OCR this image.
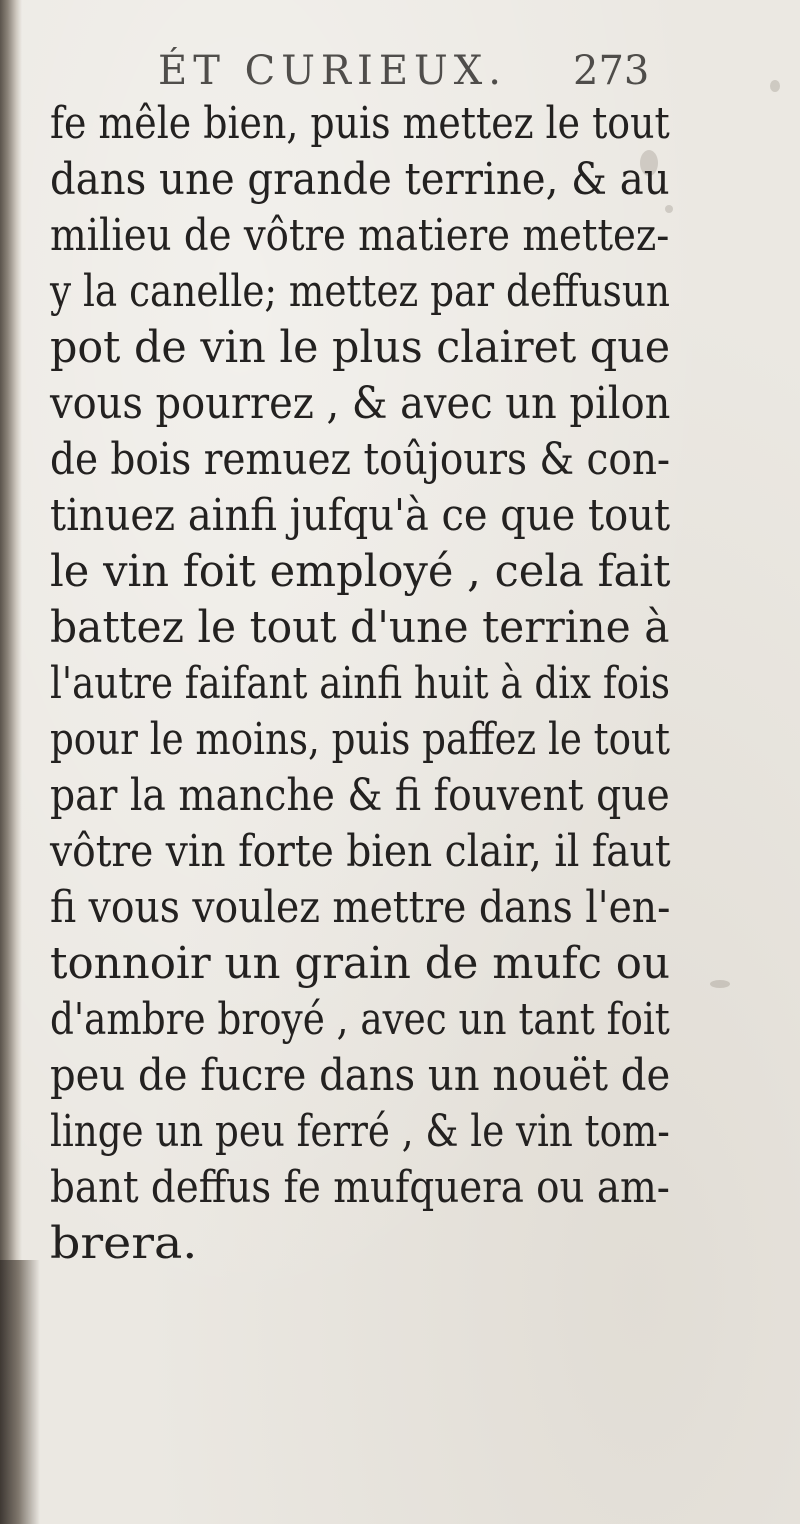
ÉT CURIEUX. 273
fe mêle bien, puis mettez le tout
dans une grande terrine, & au
milieu de vôtre matiere mettez-
y la canelle; mettez par deffusun
pot de vin le plus clairet que
vous pourrez , & avec un pilon
de bois remuez toûjours & con-
tinuez ainfi jufqu'à ce que tout
le vin foit employé , cela fait
battez le tout d'une terrine à
l'autre faifant ainfi huit à dix fois
pour le moins, puis paffez le tout
par la manche & fi fouvent que
vôtre vin forte bien clair, il faut
fi vous voulez mettre dans l'en-
tonnoir un grain de mufc ou
d'ambre broyé , avec un tant foit
peu de fucre dans un nouët de
linge un peu ferré , & le vin tom-
bant deffus fe mufquera ou am-
brera.
